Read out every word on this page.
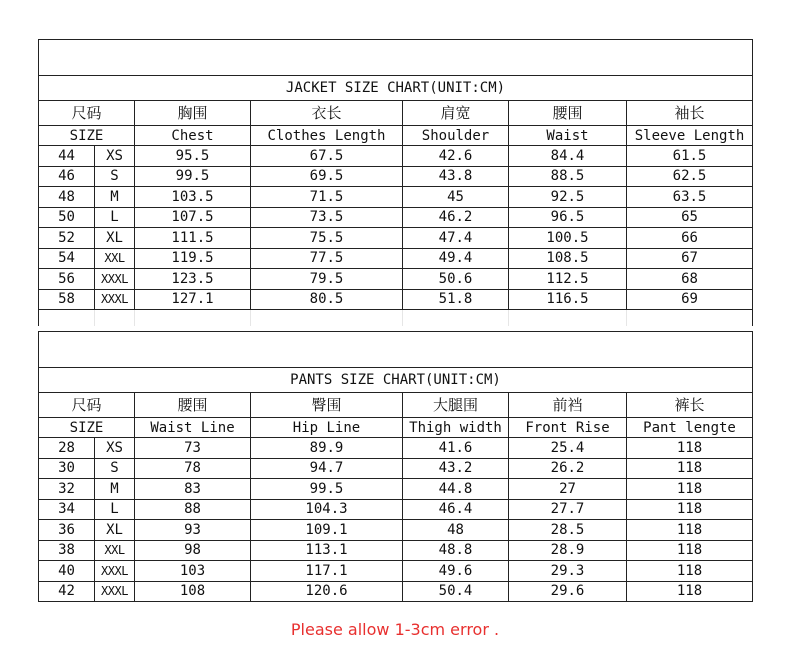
JACKET SIZE CHART(UNIT:CM)						
尺码		胸围	衣长	肩宽	腰围	袖长
SIZE		Chest	Clothes Length	Shoulder	Waist	Sleeve Length
44	XS	95.5	67.5	42.6	84.4	61.5
46	S	99.5	69.5	43.8	88.5	62.5
48	M	103.5	71.5	45	92.5	63.5
50	L	107.5	73.5	46.2	96.5	65
52	XL	111.5	75.5	47.4	100.5	66
54	XXL	119.5	77.5	49.4	108.5	67
56	XXXL	123.5	79.5	50.6	112.5	68
58	XXXL	127.1	80.5	51.8	116.5	69

PANTS SIZE CHART(UNIT:CM)						
尺码		腰围	臀围	大腿围	前裆	裤长
SIZE		Waist Line	Hip Line	Thigh width	Front Rise	Pant lengte
28	XS	73	89.9	41.6	25.4	118
30	S	78	94.7	43.2	26.2	118
32	M	83	99.5	44.8	27	118
34	L	88	104.3	46.4	27.7	118
36	XL	93	109.1	48	28.5	118
38	XXL	98	113.1	48.8	28.9	118
40	XXXL	103	117.1	49.6	29.3	118
42	XXXL	108	120.6	50.4	29.6	118
Please allow 1-3cm error .
